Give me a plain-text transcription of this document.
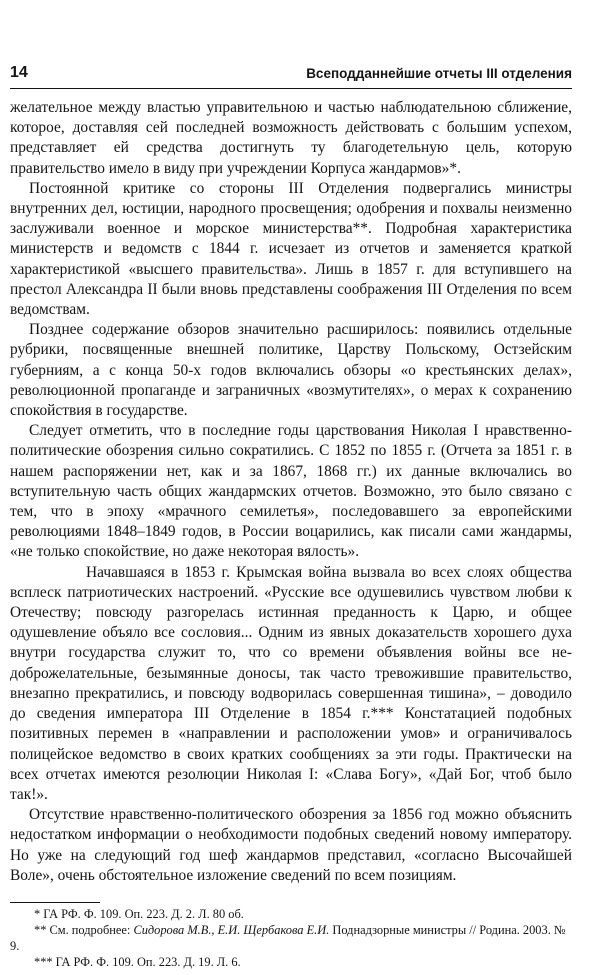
14	Всеподданнейшие отчеты III отделения

желательное между властью управительною и частью наблюдательною сближение, которое, доставляя сей последней возможность действовать с большим успехом, представляет ей средства достигнуть ту благодетельную цель, которую правительство имело в виду при учреждении Корпуса жандармов»*.

Постоянной критике со стороны III Отделения подвергались министры внутренних дел, юстиции, народного просвещения; одобрения и похвалы неизменно заслуживали военное и морское министерства**. Подробная характеристика министерств и ведомств с 1844 г. исчезает из отчетов и заменяется краткой характеристикой «высшего правительства». Лишь в 1857 г. для вступившего на престол Александра II были вновь представлены соображения III Отделения по всем ведомствам.

Позднее содержание обзоров значительно расширилось: появились отдельные рубрики, посвященные внешней политике, Царству Польскому, Остзейским губерниям, а с конца 50-х годов включались обзоры «о крестьянских делах», революционной пропаганде и заграничных «возмутителях», о мерах к сохранению спокойствия в государстве.

Следует отметить, что в последние годы царствования Николая I нравственно-политические обозрения сильно сократились. С 1852 по 1855 г. (Отчета за 1851 г. в нашем распоряжении нет, как и за 1867, 1868 гг.) их данные включались во вступительную часть общих жандармских отчетов. Возможно, это было связано с тем, что в эпоху «мрачного семилетья», последовавшего за европейскими революциями 1848–1849 годов, в России воцарились, как писали сами жандармы, «не только спокойствие, но даже некоторая вялость».

Начавшаяся в 1853 г. Крымская война вызвала во всех слоях общества всплеск патриотических настроений. «Русские все одушевились чувством любви к Отечеству; повсюду разгорелась истинная преданность к Царю, и общее одушевление объяло все сословия... Одним из явных доказательств хорошего духа внутри государства служит то, что со времени объявления войны все недоброжелательные, безымянные доносы, так часто тревожившие правительство, внезапно прекратились, и повсюду водворилась совершенная тишина», – доводило до сведения императора III Отделение в 1854 г.*** Констатацией подобных позитивных перемен в «направлении и расположении умов» и ограничивалось полицейское ведомство в своих кратких сообщениях за эти годы. Практически на всех отчетах имеются резолюции Николая I: «Слава Богу», «Дай Бог, чтоб было так!».

Отсутствие нравственно-политического обозрения за 1856 год можно объяснить недостатком информации о необходимости подобных сведений новому императору. Но уже на следующий год шеф жандармов представил, «согласно Высочайшей Воле», очень обстоятельное изложение сведений по всем позициям.

* ГА РФ. Ф. 109. Оп. 223. Д. 2. Л. 80 об.

** См. подробнее: Сидорова М.В., Е.И. Щербакова Е.И. Поднадзорные министры // Родина. 2003. № 9.

*** ГА РФ. Ф. 109. Оп. 223. Д. 19. Л. 6.
